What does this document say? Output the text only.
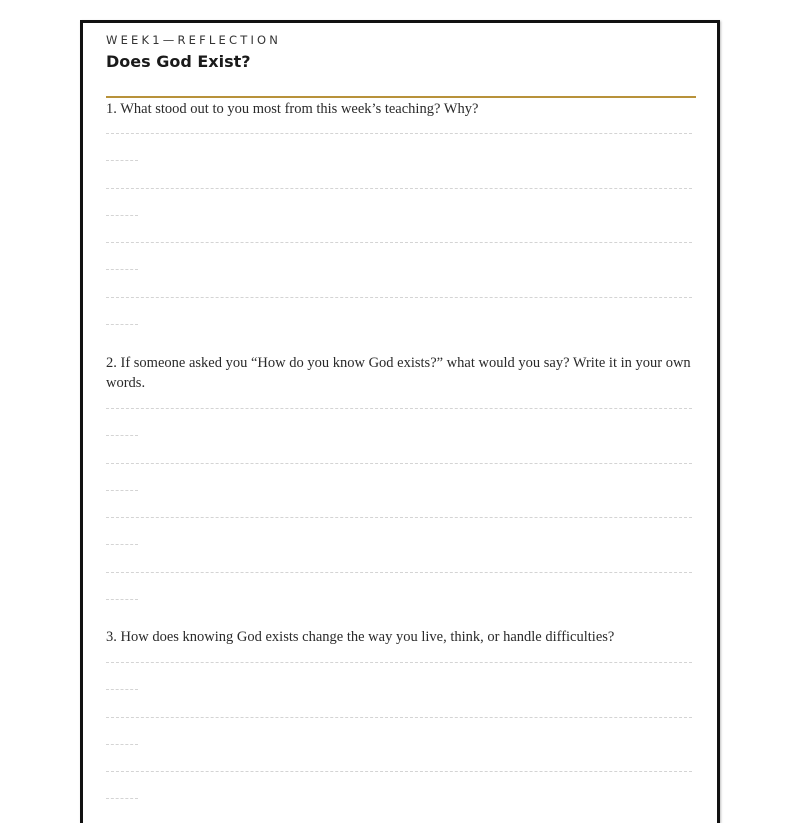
WEEK1—REFLECTION
Does God Exist?
1. What stood out to you most from this week’s teaching? Why?
2. If someone asked you “How do you know God exists?” what would you say? Write it in your own words.
3. How does knowing God exists change the way you live, think, or handle difficulties?
